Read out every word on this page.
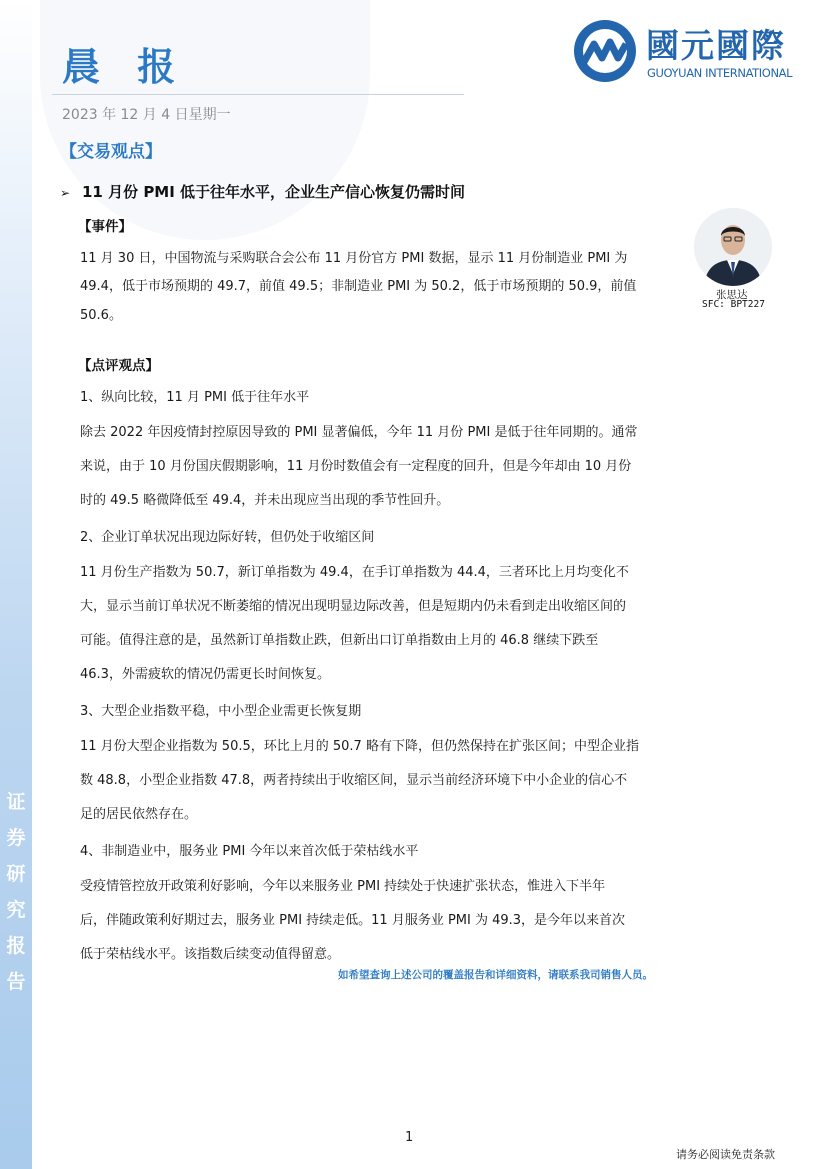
证
券
研
究
报
告
晨 报
2023 年 12 月 4 日星期一
國元國際
GUOYUAN INTERNATIONAL
【交易观点】
➢ 11 月份 PMI 低于往年水平，企业生产信心恢复仍需时间
张思达
SFC: BPT227
【事件】
11 月 30 日，中国物流与采购联合会公布 11 月份官方 PMI 数据，显示 11 月份制造业 PMI 为
49.4，低于市场预期的 49.7，前值 49.5；非制造业 PMI 为 50.2，低于市场预期的 50.9，前值
50.6。
【点评观点】
1、纵向比较，11 月 PMI 低于往年水平
除去 2022 年因疫情封控原因导致的 PMI 显著偏低，今年 11 月份 PMI 是低于往年同期的。通常
来说，由于 10 月份国庆假期影响，11 月份时数值会有一定程度的回升，但是今年却由 10 月份
时的 49.5 略微降低至 49.4，并未出现应当出现的季节性回升。
2、企业订单状况出现边际好转，但仍处于收缩区间
11 月份生产指数为 50.7，新订单指数为 49.4，在手订单指数为 44.4，三者环比上月均变化不
大，显示当前订单状况不断萎缩的情况出现明显边际改善，但是短期内仍未看到走出收缩区间的
可能。值得注意的是，虽然新订单指数止跌，但新出口订单指数由上月的 46.8 继续下跌至
46.3，外需疲软的情况仍需更长时间恢复。
3、大型企业指数平稳，中小型企业需更长恢复期
11 月份大型企业指数为 50.5，环比上月的 50.7 略有下降，但仍然保持在扩张区间；中型企业指
数 48.8，小型企业指数 47.8，两者持续出于收缩区间，显示当前经济环境下中小企业的信心不
足的居民依然存在。
4、非制造业中，服务业 PMI 今年以来首次低于荣枯线水平
受疫情管控放开政策利好影响，今年以来服务业 PMI 持续处于快速扩张状态，惟进入下半年
后，伴随政策利好期过去，服务业 PMI 持续走低。11 月服务业 PMI 为 49.3，是今年以来首次
低于荣枯线水平。该指数后续变动值得留意。
如希望查询上述公司的覆盖报告和详细资料，请联系我司销售人员。
1
请务必阅读免责条款
